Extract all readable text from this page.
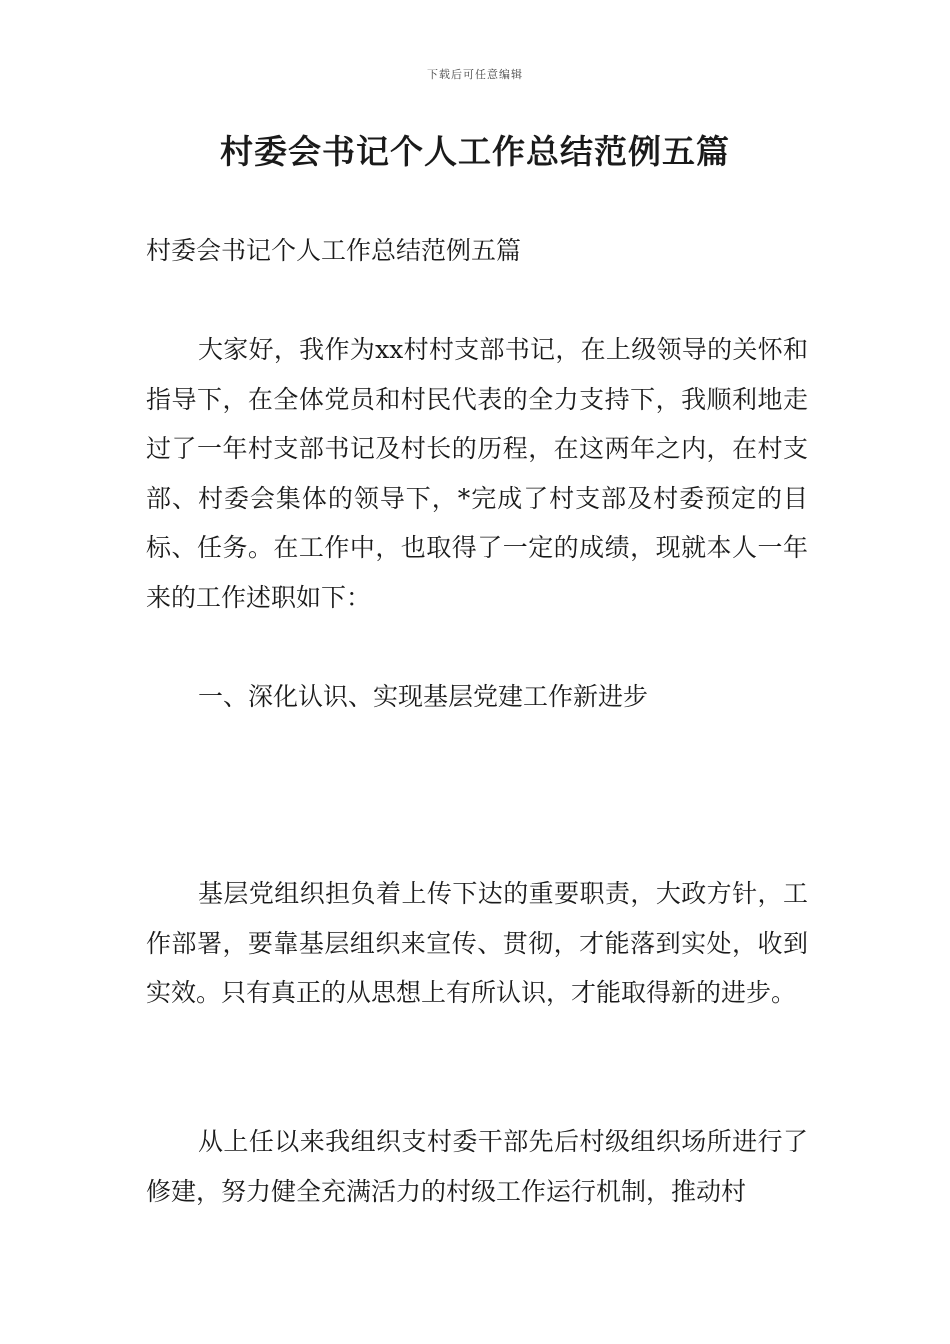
下载后可任意编辑
村委会书记个人工作总结范例五篇

村委会书记个人工作总结范例五篇

大家好，我作为xx村村支部书记，在上级领导的关怀和指导下，在全体党员和村民代表的全力支持下，我顺利地走过了一年村支部书记及村长的历程，在这两年之内，在村支部、村委会集体的领导下，*完成了村支部及村委预定的目标、任务。在工作中，也取得了一定的成绩，现就本人一年来的工作述职如下：

一、深化认识、实现基层党建工作新进步

基层党组织担负着上传下达的重要职责，大政方针，工作部署，要靠基层组织来宣传、贯彻，才能落到实处，收到实效。只有真正的从思想上有所认识，才能取得新的进步。

从上任以来我组织支村委干部先后村级组织场所进行了修建，努力健全充满活力的村级工作运行机制，推动村
